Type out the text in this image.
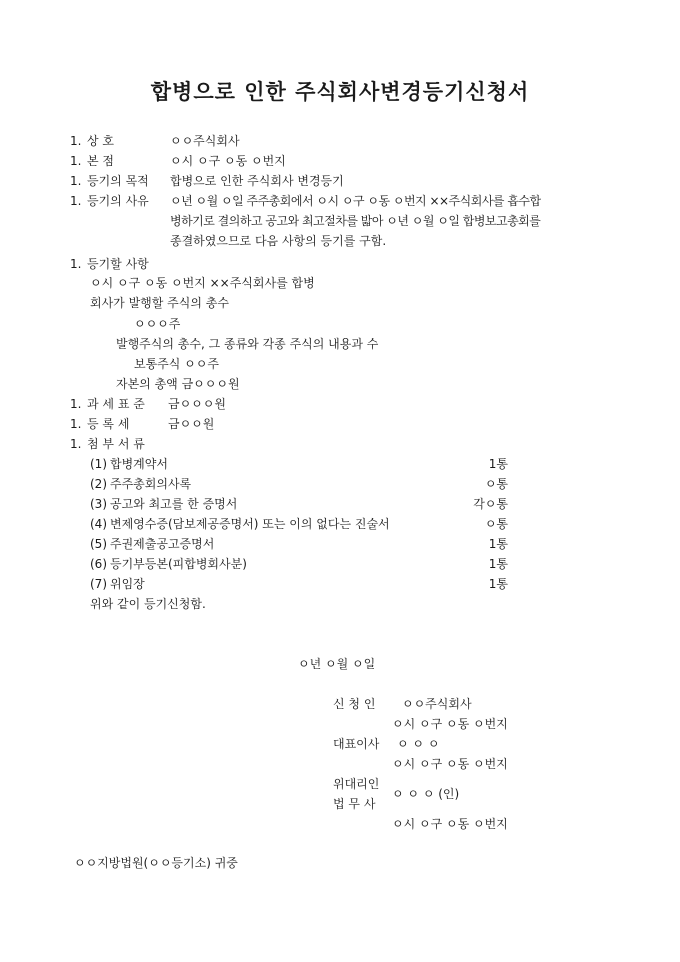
합병으로 인한 주식회사변경등기신청서
1. 상 호	ㅇㅇ주식회사
1. 본 점	ㅇ시 ㅇ구 ㅇ동 ㅇ번지
1. 등기의 목적 합병으로 인한 주식회사 변경등기
1. 등기의 사유 ㅇ년 ㅇ월 ㅇ일 주주총회에서 ㅇ시 ㅇ구 ㅇ동 ㅇ번지 ××주식회사를 흡수합
병하기로 결의하고 공고와 최고절차를 밟아 ㅇ년 ㅇ월 ㅇ일 합병보고총회를
종결하였으므로 다음 사항의 등기를 구함.
1. 등기할 사항
ㅇ시 ㅇ구 ㅇ동 ㅇ번지 ××주식회사를 합병
회사가 발행할 주식의 총수
ㅇㅇㅇ주
발행주식의 총수, 그 종류와 각종 주식의 내용과 수
보통주식 ㅇㅇ주
자본의 총액 금ㅇㅇㅇ원
1. 과 세 표 준 금ㅇㅇㅇ원
1. 등 록 세	금ㅇㅇ원
1. 첨 부 서 류
(1) 합병계약서	1통
(2) 주주총회의사록	ㅇ통
(3) 공고와 최고를 한 증명서	각ㅇ통
(4) 변제영수증(담보제공증명서) 또는 이의 없다는 진술서	ㅇ통
(5) 주권제출공고증명서	1통
(6) 등기부등본(피합병회사분)	1통
(7) 위임장	1통
위와 같이 등기신청함.
ㅇ년 ㅇ월 ㅇ일
신 청 인 ㅇㅇ주식회사
ㅇ시 ㅇ구 ㅇ동 ㅇ번지
대표이사 ㅇ ㅇ ㅇ
ㅇ시 ㅇ구 ㅇ동 ㅇ번지
위대리인
법 무 사
ㅇ ㅇ ㅇ (인)
ㅇ시 ㅇ구 ㅇ동 ㅇ번지
ㅇㅇ지방법원(ㅇㅇ등기소) 귀중
